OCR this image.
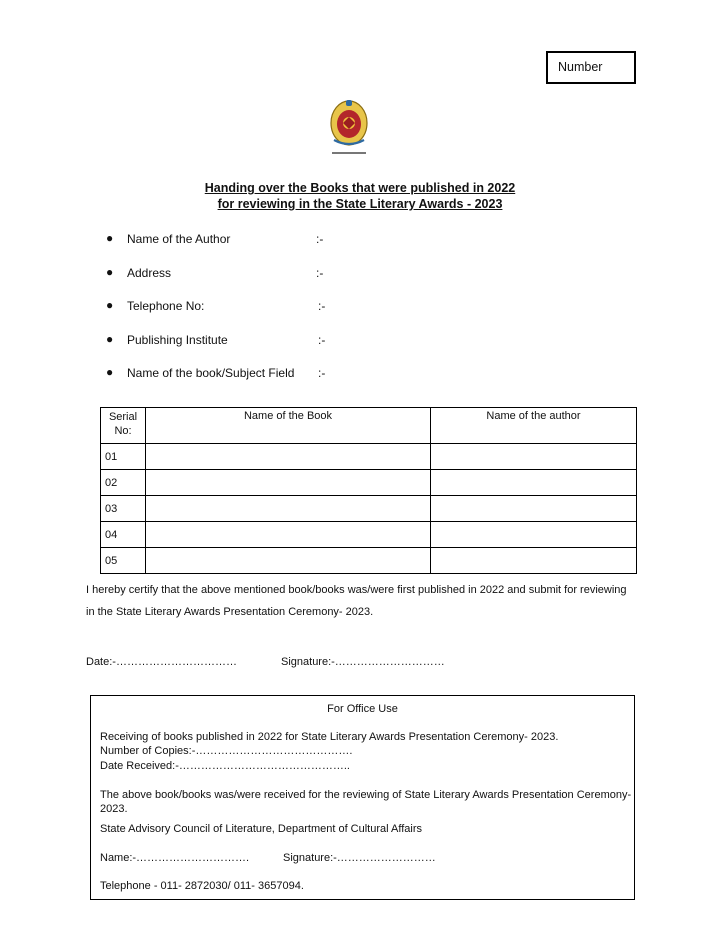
Number
Handing over the Books that were published in 2022
for reviewing in the State Literary Awards - 2023
● Name of the Author	:-
● Address	:-
● Telephone No:	:-
● Publishing Institute	:-
● Name of the book/Subject Field :-
Serial
No:	Name of the Book	Name of the author
01		
02		
03		
04		
05		
I hereby certify that the above mentioned book/books was/were first published in 2022 and submit for reviewing
in the State Literary Awards Presentation Ceremony- 2023.
Date:-……………………………	Signature:-…………………………
For Office Use
Receiving of books published in 2022 for State Literary Awards Presentation Ceremony- 2023.
Number of Copies:-…………………………………….
Date Received:-………………………………………..
The above book/books was/were received for the reviewing of State Literary Awards Presentation Ceremony-
2023.
State Advisory Council of Literature, Department of Cultural Affairs
Name:-………………………….	Signature:-………………………
Telephone - 011- 2872030/ 011- 3657094.
